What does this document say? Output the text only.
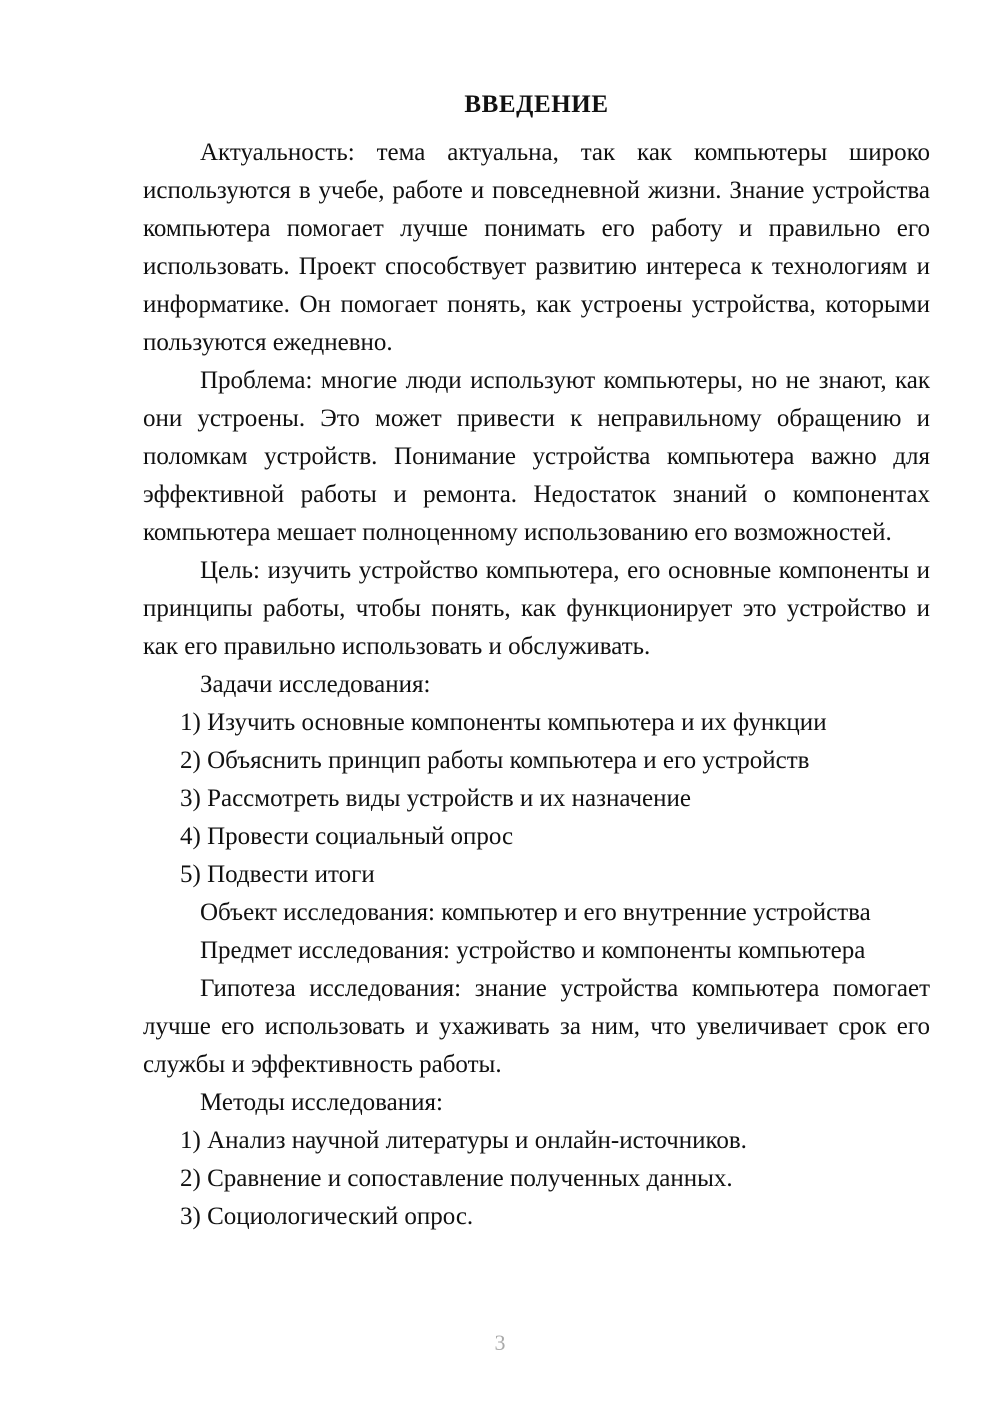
ВВЕДЕНИЕ

Актуальность: тема актуальна, так как компьютеры широко используются в учебе, работе и повседневной жизни. Знание устройства компьютера помогает лучше понимать его работу и правильно его использовать. Проект способствует развитию интереса к технологиям и информатике. Он помогает понять, как устроены устройства, которыми пользуются ежедневно.

Проблема: многие люди используют компьютеры, но не знают, как они устроены. Это может привести к неправильному обращению и поломкам устройств. Понимание устройства компьютера важно для эффективной работы и ремонта. Недостаток знаний о компонентах компьютера мешает полноценному использованию его возможностей.

Цель: изучить устройство компьютера, его основные компоненты и принципы работы, чтобы понять, как функционирует это устройство и как его правильно использовать и обслуживать.

Задачи исследования:

1) Изучить основные компоненты компьютера и их функции

2) Объяснить принцип работы компьютера и его устройств

3) Рассмотреть виды устройств и их назначение

4) Провести социальный опрос

5) Подвести итоги

Объект исследования: компьютер и его внутренние устройства

Предмет исследования: устройство и компоненты компьютера

Гипотеза исследования: знание устройства компьютера помогает лучше его использовать и ухаживать за ним, что увеличивает срок его службы и эффективность работы.

Методы исследования:

1) Анализ научной литературы и онлайн-источников.

2) Сравнение и сопоставление полученных данных.

3) Социологический опрос.

3
